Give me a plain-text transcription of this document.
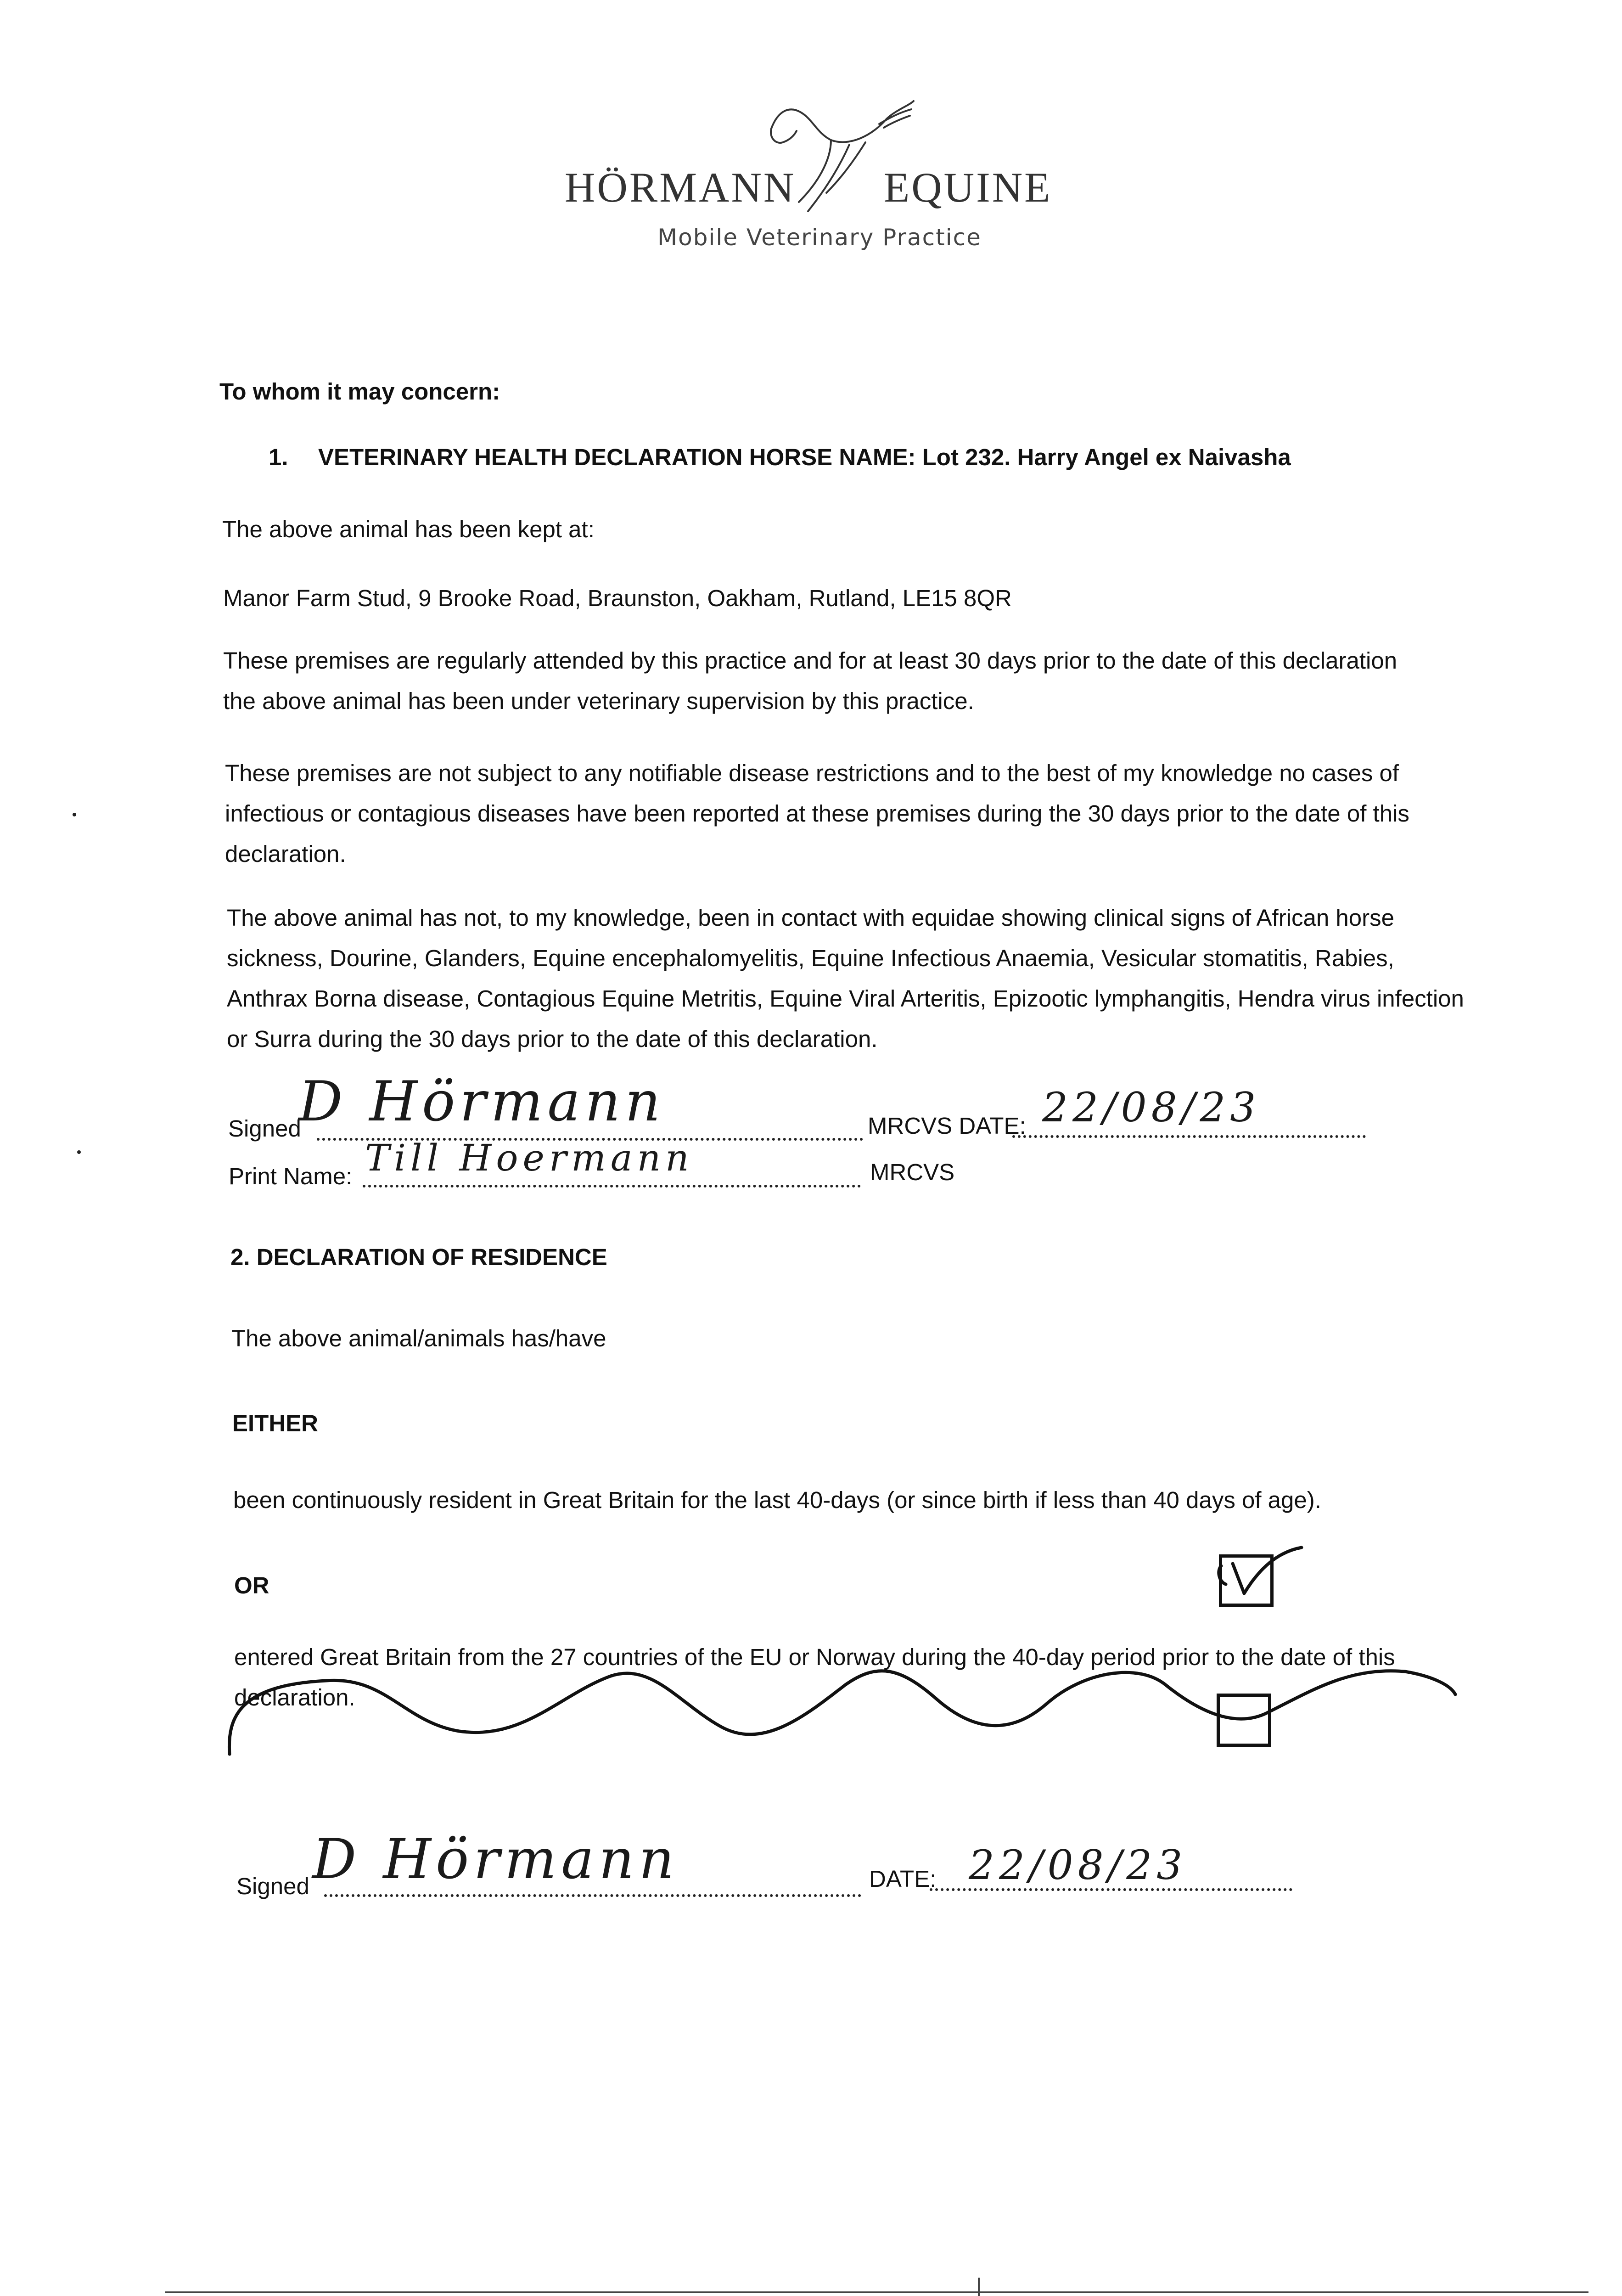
HÖRMANN EQUINE
Mobile Veterinary Practice
To whom it may concern:
1. VETERINARY HEALTH DECLARATION HORSE NAME: Lot 232. Harry Angel ex Naivasha
The above animal has been kept at:
Manor Farm Stud, 9 Brooke Road, Braunston, Oakham, Rutland, LE15 8QR
These premises are regularly attended by this practice and for at least 30 days prior to the date of this declaration the above animal has been under veterinary supervision by this practice.
These premises are not subject to any notifiable disease restrictions and to the best of my knowledge no cases of infectious or contagious diseases have been reported at these premises during the 30 days prior to the date of this declaration.
The above animal has not, to my knowledge, been in contact with equidae showing clinical signs of African horse sickness, Dourine, Glanders, Equine encephalomyelitis, Equine Infectious Anaemia, Vesicular stomatitis, Rabies, Anthrax Borna disease, Contagious Equine Metritis, Equine Viral Arteritis, Epizootic lymphangitis, Hendra virus infection or Surra during the 30 days prior to the date of this declaration.
Signed
D Hörmann	MRCVS DATE: 22/08/23
Print Name: Till Hoermann	MRCVS
2. DECLARATION OF RESIDENCE
The above animal/animals has/have
EITHER
been continuously resident in Great Britain for the last 40-days (or since birth if less than 40 days of age).
OR
entered Great Britain from the 27 countries of the EU or Norway during the 40-day period prior to the date of this declaration.
Signed D Hörmann	DATE: 22/08/23
